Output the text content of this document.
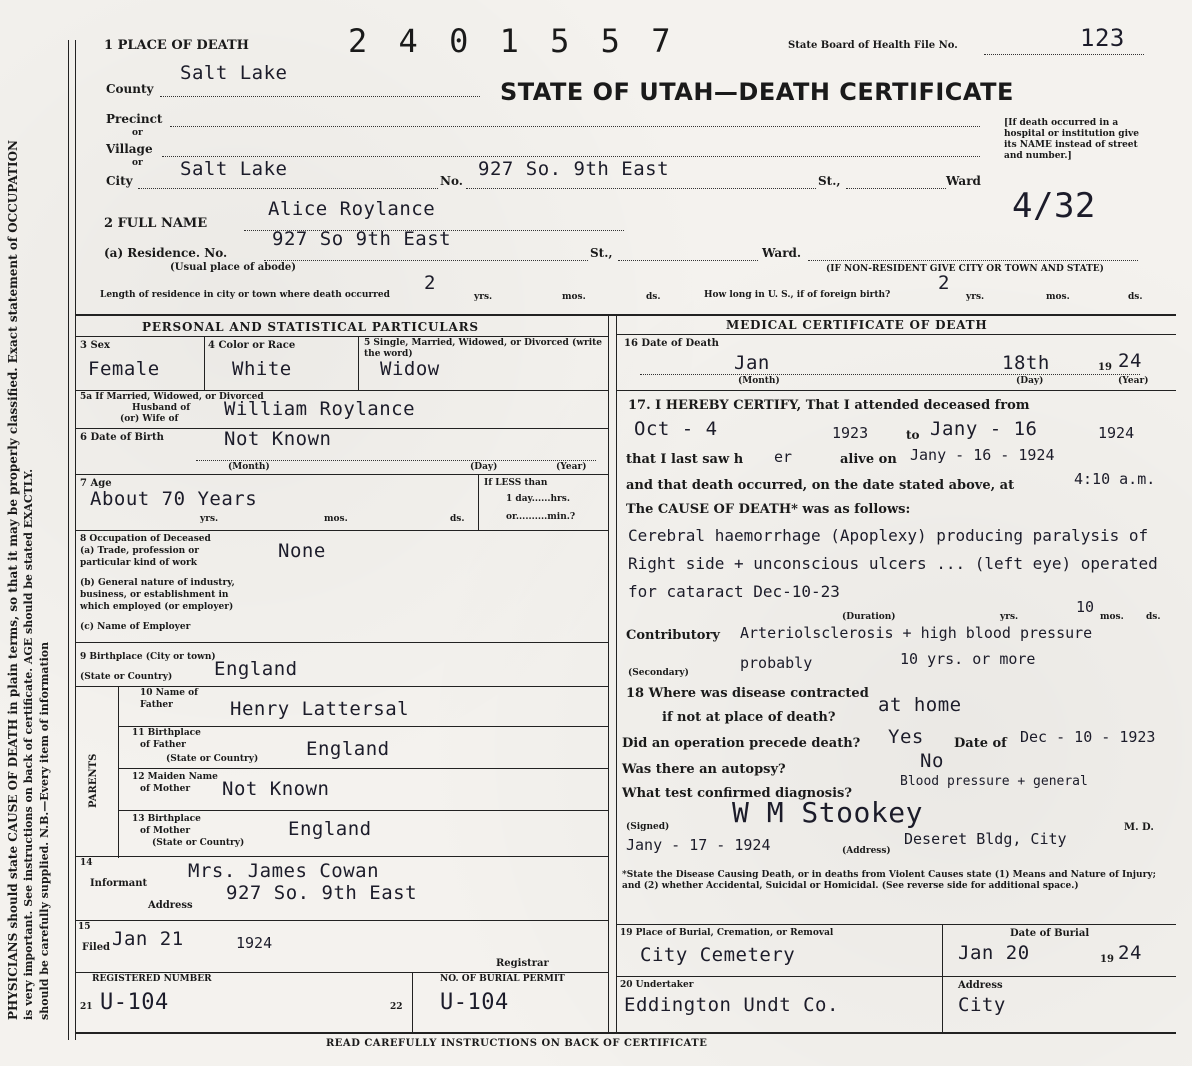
PHYSICIANS should state CAUSE OF DEATH in plain terms, so that it may be properly classified. Exact statement of OCCUPATION is very important. See instructions on back of certificate. AGE should be stated EXACTLY. should be carefully supplied. N.B.—Every item of information
1 PLACE OF DEATH	2 4 0 1 5 5 7	State Board of Health File No.	123
STATE OF UTAH—DEATH CERTIFICATE
County
Salt Lake
Precinct
or
Village
or
City
Salt Lake
No.
927 So. 9th East
St.,	Ward
4/32
[If death occurred in a hospital or institution give its NAME instead of street and number.]
2 FULL NAME
Alice Roylance
(a) Residence. No.
927 So 9th East
St.,	Ward.
(Usual place of abode)	(IF NON-RESIDENT GIVE CITY OR TOWN AND STATE)
Length of residence in city or town where death occurred
2
yrs.	mos.	ds.	How long in U. S., if of foreign birth?
2
yrs.	mos.	ds.
PERSONAL AND STATISTICAL PARTICULARS
3 Sex
Female
4 Color or Race
White
5 Single, Married, Widowed, or Divorced (write the word)
Widow
5a If Married, Widowed, or Divorced
Husband of
(or) Wife of William Roylance
6 Date of Birth	Not Known
(Month)	(Day)	(Year)
7 Age
About 70 Years
yrs.	mos.	ds.
If LESS than
1 day......hrs.
or..........min.?
8 Occupation of Deceased
(a) Trade, profession or
particular kind of work
None
(b) General nature of industry,
business, or establishment in
which employed (or employer)
(c) Name of Employer
9 Birthplace (City or town)
(State or Country) England
PARENTS
10 Name of
Father	Henry Lattersal
11 Birthplace
of Father
(State or Country)	England
12 Maiden Name
of Mother Not Known
13 Birthplace
of Mother
(State or Country)
England
14
Informant
Mrs. James Cowan
Address
927 So. 9th East
15
Filed Jan 21	1924
Registrar
REGISTERED NUMBER
21 U-104
NO. OF BURIAL PERMIT
22 U-104
MEDICAL CERTIFICATE OF DEATH
16 Date of Death
Jan	18th	19 24
(Month)	(Day)	(Year)
17. I HEREBY CERTIFY, That I attended deceased from
Oct - 4	1923	to Jany - 16	1924
that I last saw h er	alive on Jany - 16 - 1924
and that death occurred, on the date stated above, at	4:10 a.m.
The CAUSE OF DEATH* was as follows:
Cerebral haemorrhage (Apoplexy) producing paralysis of Right side + unconscious ulcers ... (left eye) operated for cataract Dec-10-23
(Duration)	yrs.
10
mos. ds.
Contributory	Arteriolsclerosis + high blood pressure probably
(Secondary)
10 yrs. or more
18 Where was disease contracted
if not at place of death?
at home
Did an operation precede death? Yes Date of Dec - 10 - 1923
Was there an autopsy?	No
What test confirmed diagnosis?
Blood pressure + general
W M Stookey	M. D.
(Signed)
Jany - 17 - 1924	(Address)
Deseret Bldg, City
*State the Disease Causing Death, or in deaths from Violent Causes state (1) Means and Nature of Injury; and (2) whether Accidental, Suicidal or Homicidal. (See reverse side for additional space.)
19 Place of Burial, Cremation, or Removal
City Cemetery
Date of Burial
Jan 20	19 24
20 Undertaker
Eddington Undt Co.
Address
City
READ CAREFULLY INSTRUCTIONS ON BACK OF CERTIFICATE
